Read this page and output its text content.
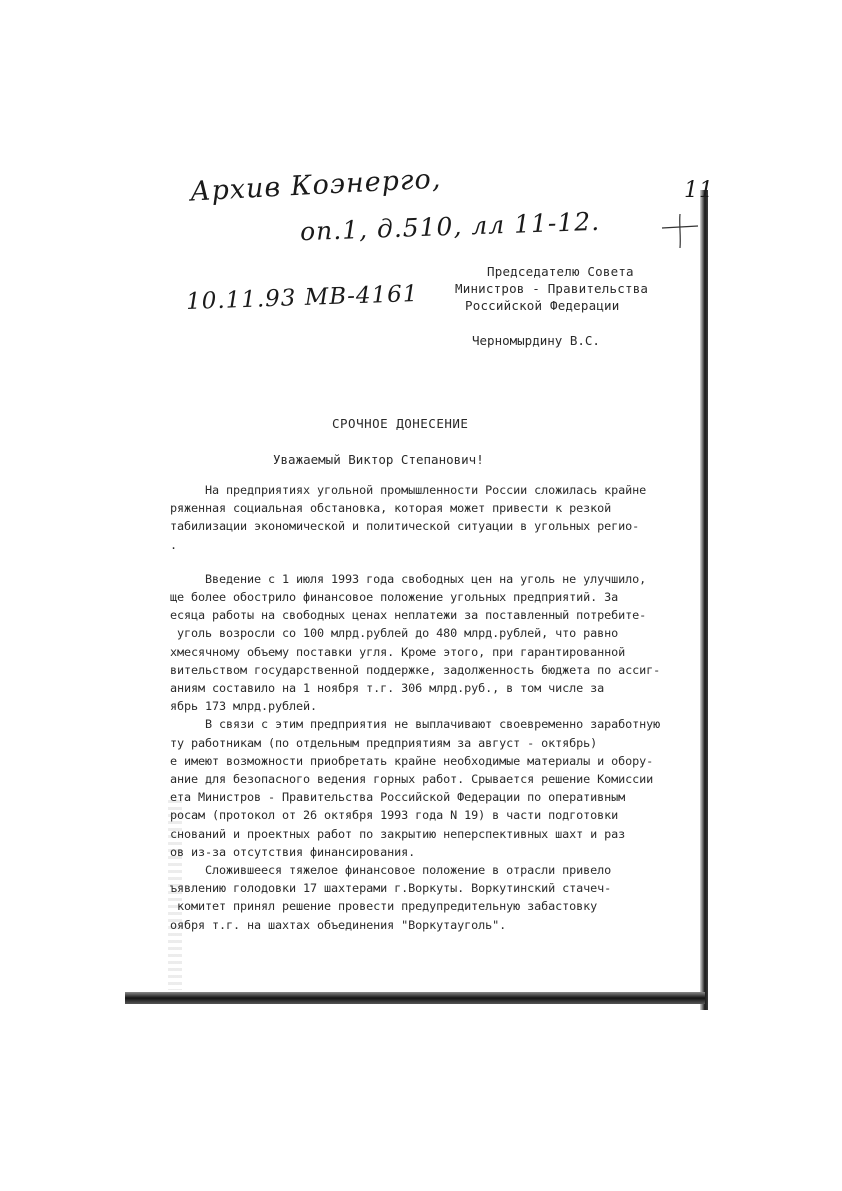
Архив Коэнерго,
оп.1, д.510, лл 11-12.
10.11.93 МВ-4161
11
Председателю Совета
Министров - Правительства
Российской Федерации
Черномырдину В.С.
СРОЧНОЕ ДОНЕСЕНИЕ
Уважаемый Виктор Степанович!
На предприятиях угольной промышленности России сложилась крайне
ряженная социальная обстановка, которая может привести к резкой
табилизации экономической и политической ситуации в угольных регио-
.
Введение с 1 июля 1993 года свободных цен на уголь не улучшило,
ще более обострило финансовое положение угольных предприятий. За
есяца работы на свободных ценах неплатежи за поставленный потребите-
уголь возросли со 100 млрд.рублей до 480 млрд.рублей, что равно
хмесячному объему поставки угля. Кроме этого, при гарантированной
вительством государственной поддержке, задолженность бюджета по ассиг-
аниям составило на 1 ноября т.г. 306 млрд.руб., в том числе за
ябрь 173 млрд.рублей.
В связи с этим предприятия не выплачивают своевременно заработную
ту работникам (по отдельным предприятиям за август - октябрь)
е имеют возможности приобретать крайне необходимые материалы и обору-
ание для безопасного ведения горных работ. Срывается решение Комиссии
ета Министров - Правительства Российской Федерации по оперативным
росам (протокол от 26 октября 1993 года N 19) в части подготовки
снований и проектных работ по закрытию неперспективных шахт и раз
ов из-за отсутствия финансирования.
Сложившееся тяжелое финансовое положение в отрасли привело
ъявлению голодовки 17 шахтерами г.Воркуты. Воркутинский стачеч-
комитет принял решение провести предупредительную забастовку
оября т.г. на шахтах объединения "Воркутауголь".
